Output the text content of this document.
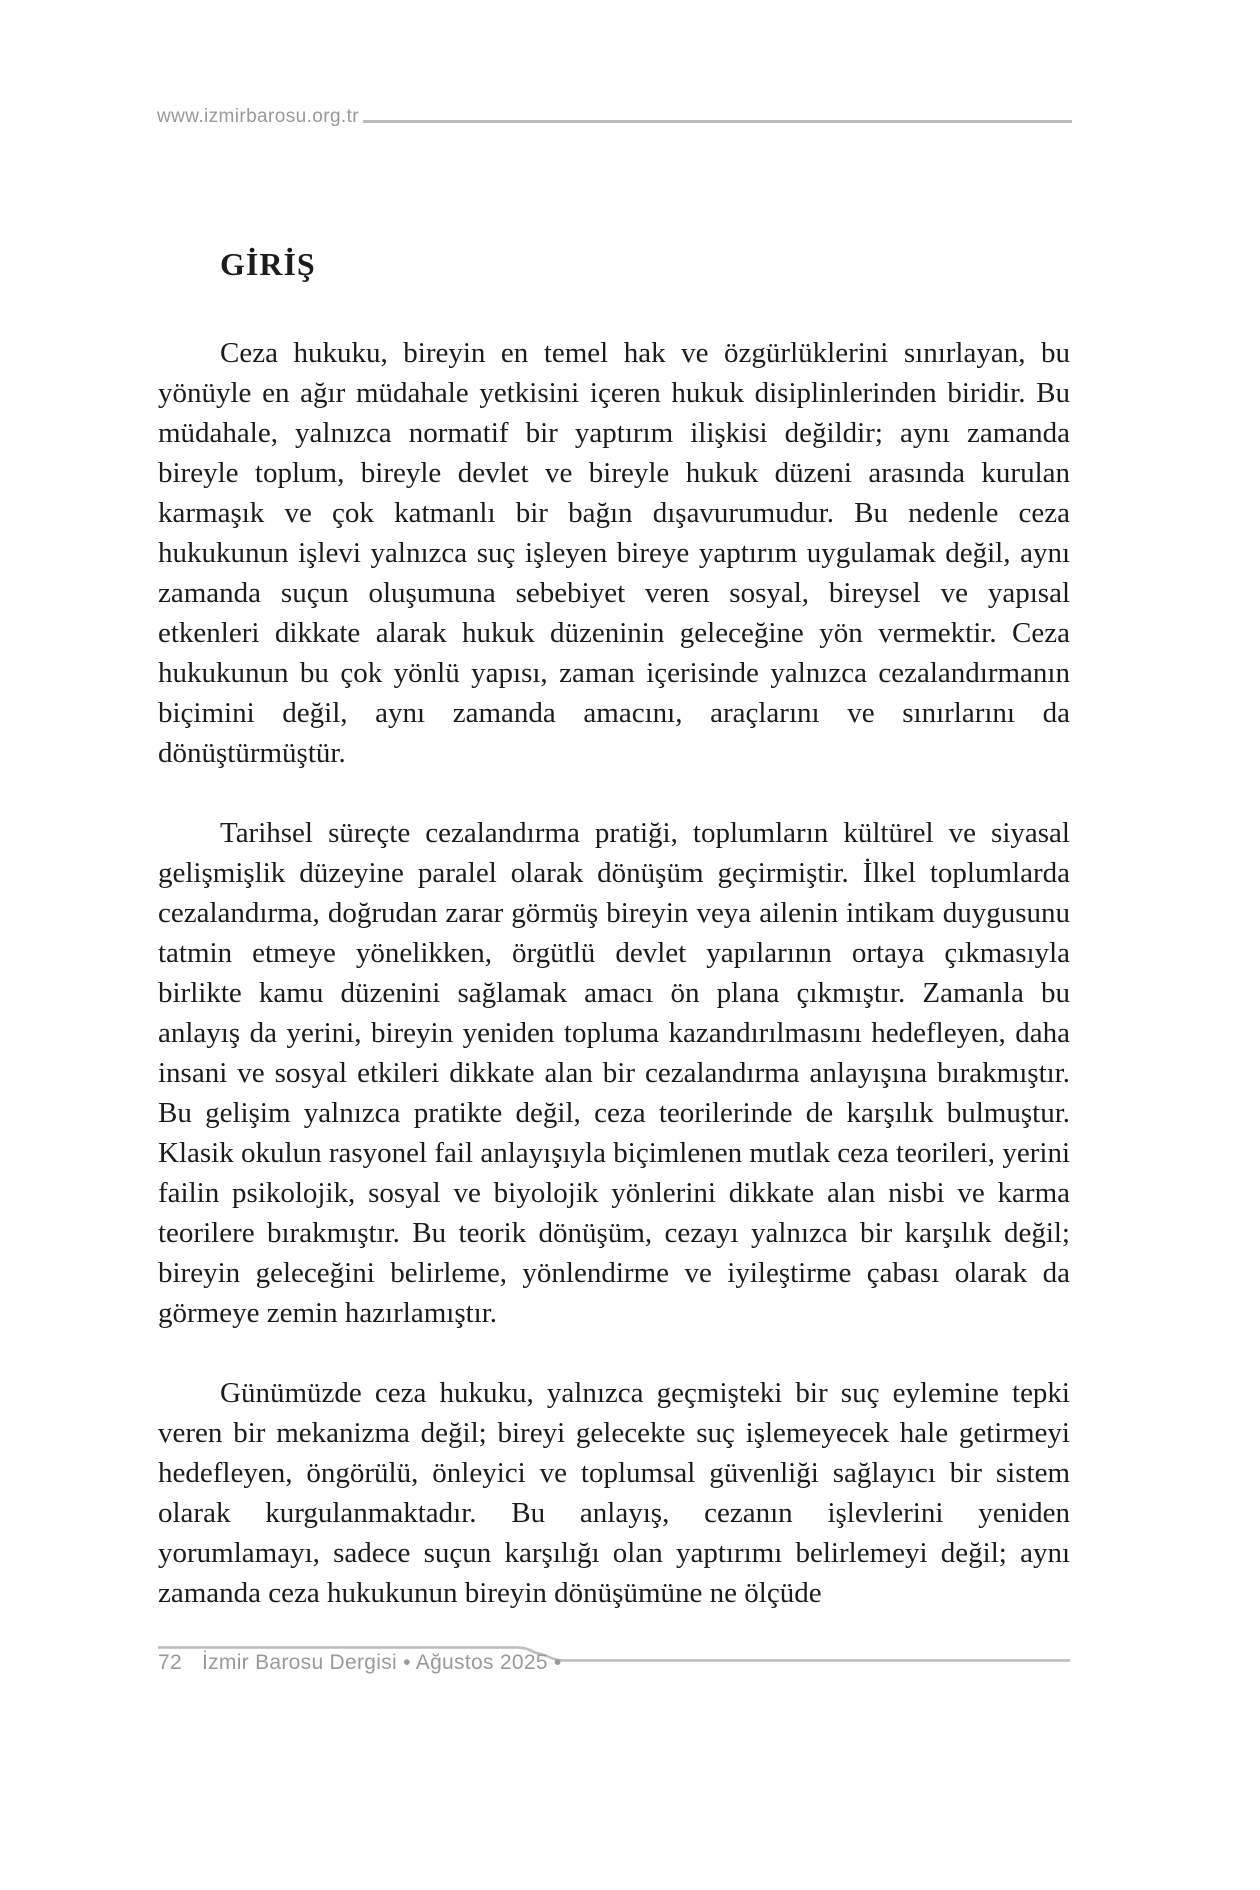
www.izmirbarosu.org.tr
GİRİŞ

Ceza hukuku, bireyin en temel hak ve özgürlüklerini sınırlayan, bu yönüyle en ağır müdahale yetkisini içeren hukuk disiplinlerinden biridir. Bu müdahale, yalnızca normatif bir yaptırım ilişkisi değildir; aynı zamanda bireyle toplum, bireyle devlet ve bireyle hukuk düzeni arasında kurulan karmaşık ve çok katmanlı bir bağın dışavurumudur. Bu nedenle ceza hukukunun işlevi yalnızca suç işleyen bireye yaptırım uygulamak değil, aynı zamanda suçun oluşumuna sebebiyet veren sosyal, bireysel ve yapısal etkenleri dikkate alarak hukuk düzeninin geleceğine yön vermektir. Ceza hukukunun bu çok yönlü yapısı, zaman içerisinde yalnızca cezalandırmanın biçimini değil, aynı zamanda amacını, araçlarını ve sınırlarını da dönüştürmüştür.

Tarihsel süreçte cezalandırma pratiği, toplumların kültürel ve siyasal gelişmişlik düzeyine paralel olarak dönüşüm geçirmiştir. İlkel toplumlarda cezalandırma, doğrudan zarar görmüş bireyin veya ailenin intikam duygusunu tatmin etmeye yönelikken, örgütlü devlet yapılarının ortaya çıkmasıyla birlikte kamu düzenini sağlamak amacı ön plana çıkmıştır. Zamanla bu anlayış da yerini, bireyin yeniden topluma kazandırılmasını hedefleyen, daha insani ve sosyal etkileri dikkate alan bir cezalandırma anlayışına bırakmıştır. Bu gelişim yalnızca pratikte değil, ceza teorilerinde de karşılık bulmuştur. Klasik okulun rasyonel fail anlayışıyla biçimlenen mutlak ceza teorileri, yerini failin psikolojik, sosyal ve biyolojik yönlerini dikkate alan nisbi ve karma teorilere bırakmıştır. Bu teorik dönüşüm, cezayı yalnızca bir karşılık değil; bireyin geleceğini belirleme, yönlendirme ve iyileştirme çabası olarak da görmeye zemin hazırlamıştır.

Günümüzde ceza hukuku, yalnızca geçmişteki bir suç eylemine tepki veren bir mekanizma değil; bireyi gelecekte suç işlemeyecek hale getirmeyi hedefleyen, öngörülü, önleyici ve toplumsal güvenliği sağlayıcı bir sistem olarak kurgulanmaktadır. Bu anlayış, cezanın işlevlerini yeniden yorumlamayı, sadece suçun karşılığı olan yaptırımı belirlemeyi değil; aynı zamanda ceza hukukunun bireyin dönüşümüne ne ölçüde

72 İzmir Barosu Dergisi • Ağustos 2025 •
